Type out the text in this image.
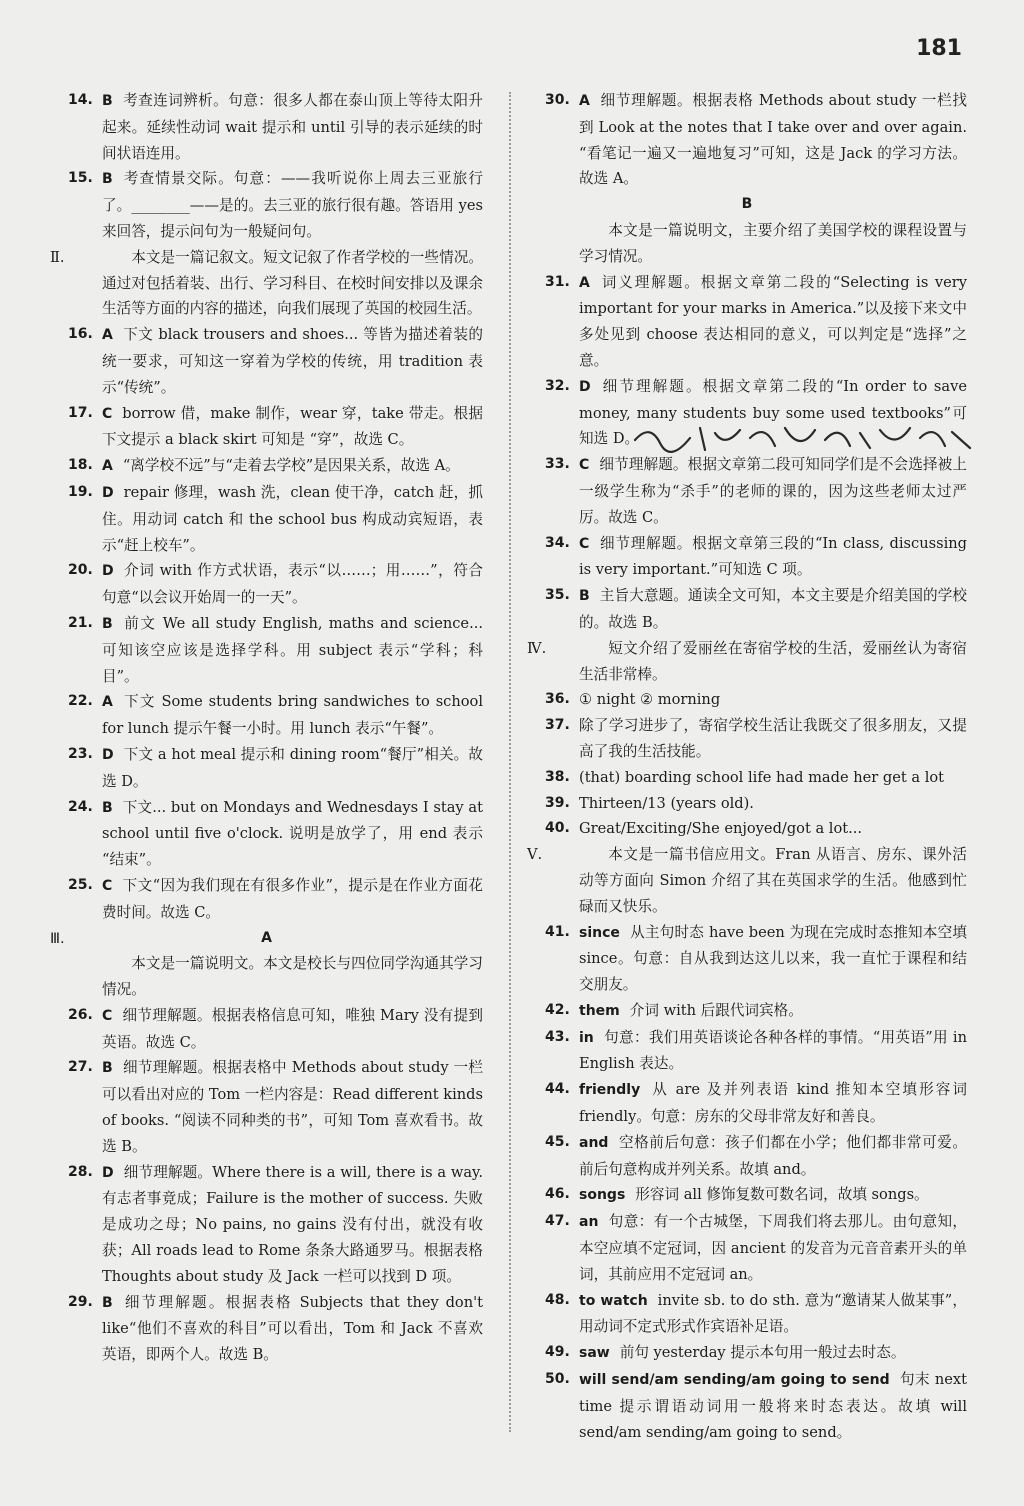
181
14. B 考查连词辨析。句意：很多人都在泰山顶上等待太阳升起来。延续性动词 wait 提示和 until 引导的表示延续的时间状语连用。
15. B 考查情景交际。句意：——我听说你上周去三亚旅行了。________——是的。去三亚的旅行很有趣。答语用 yes 来回答，提示问句为一般疑问句。
Ⅱ.	本文是一篇记叙文。短文记叙了作者学校的一些情况。通过对包括着装、出行、学习科目、在校时间安排以及课余生活等方面的内容的描述，向我们展现了英国的校园生活。
16. A 下文 black trousers and shoes... 等皆为描述着装的统一要求，可知这一穿着为学校的传统，用 tradition 表示“传统”。
17. C borrow 借，make 制作，wear 穿，take 带走。根据下文提示 a black skirt 可知是 “穿”，故选 C。
18. A “离学校不远”与“走着去学校”是因果关系，故选 A。
19. D repair 修理，wash 洗，clean 使干净，catch 赶，抓住。用动词 catch 和 the school bus 构成动宾短语，表示“赶上校车”。
20. D 介词 with 作方式状语，表示“以……；用……”，符合句意“以会议开始周一的一天”。
21. B 前文 We all study English, maths and science... 可知该空应该是选择学科。用 subject 表示“学科；科目”。
22. A 下文 Some students bring sandwiches to school for lunch 提示午餐一小时。用 lunch 表示“午餐”。
23. D 下文 a hot meal 提示和 dining room“餐厅”相关。故选 D。
24. B 下文... but on Mondays and Wednesdays I stay at school until five o'clock. 说明是放学了，用 end 表示 “结束”。
25. C 下文“因为我们现在有很多作业”，提示是在作业方面花费时间。故选 C。
Ⅲ.	A
本文是一篇说明文。本文是校长与四位同学沟通其学习情况。
26. C 细节理解题。根据表格信息可知，唯独 Mary 没有提到英语。故选 C。
27. B 细节理解题。根据表格中 Methods about study 一栏可以看出对应的 Tom 一栏内容是：Read different kinds of books. “阅读不同种类的书”，可知 Tom 喜欢看书。故选 B。
28. D 细节理解题。Where there is a will, there is a way. 有志者事竟成；Failure is the mother of success. 失败是成功之母；No pains, no gains 没有付出，就没有收获；All roads lead to Rome 条条大路通罗马。根据表格 Thoughts about study 及 Jack 一栏可以找到 D 项。
29. B 细节理解题。根据表格 Subjects that they don't like“他们不喜欢的科目”可以看出，Tom 和 Jack 不喜欢英语，即两个人。故选 B。
30. A 细节理解题。根据表格 Methods about study 一栏找到 Look at the notes that I take over and over again. “看笔记一遍又一遍地复习”可知，这是 Jack 的学习方法。故选 A。
B
本文是一篇说明文，主要介绍了美国学校的课程设置与学习情况。
31. A 词义理解题。根据文章第二段的“Selecting is very important for your marks in America.”以及接下来文中多处见到 choose 表达相同的意义，可以判定是“选择”之意。
32. D 细节理解题。根据文章第二段的“In order to save money, many students buy some used textbooks”可知选 D。
33. C 细节理解题。根据文章第二段可知同学们是不会选择被上一级学生称为“杀手”的老师的课的，因为这些老师太过严厉。故选 C。
34. C 细节理解题。根据文章第三段的“In class, discussing is very important.”可知选 C 项。
35. B 主旨大意题。通读全文可知，本文主要是介绍美国的学校的。故选 B。
Ⅳ.	短文介绍了爱丽丝在寄宿学校的生活，爱丽丝认为寄宿生活非常棒。
36. ① night ② morning
37. 除了学习进步了，寄宿学校生活让我既交了很多朋友，又提高了我的生活技能。
38. (that) boarding school life had made her get a lot
39. Thirteen/13 (years old).
40. Great/Exciting/She enjoyed/got a lot...
Ⅴ.	本文是一篇书信应用文。Fran 从语言、房东、课外活动等方面向 Simon 介绍了其在英国求学的生活。他感到忙碌而又快乐。
41. since 从主句时态 have been 为现在完成时态推知本空填 since。句意：自从我到达这儿以来，我一直忙于课程和结交朋友。
42. them 介词 with 后跟代词宾格。
43. in 句意：我们用英语谈论各种各样的事情。“用英语”用 in English 表达。
44. friendly 从 are 及并列表语 kind 推知本空填形容词 friendly。句意：房东的父母非常友好和善良。
45. and 空格前后句意：孩子们都在小学；他们都非常可爱。前后句意构成并列关系。故填 and。
46. songs 形容词 all 修饰复数可数名词，故填 songs。
47. an 句意：有一个古城堡，下周我们将去那儿。由句意知，本空应填不定冠词，因 ancient 的发音为元音音素开头的单词，其前应用不定冠词 an。
48. to watch invite sb. to do sth. 意为“邀请某人做某事”，用动词不定式形式作宾语补足语。
49. saw 前句 yesterday 提示本句用一般过去时态。
50. will send/am sending/am going to send 句末 next time 提示谓语动词用一般将来时态表达。故填 will send/am sending/am going to send。
